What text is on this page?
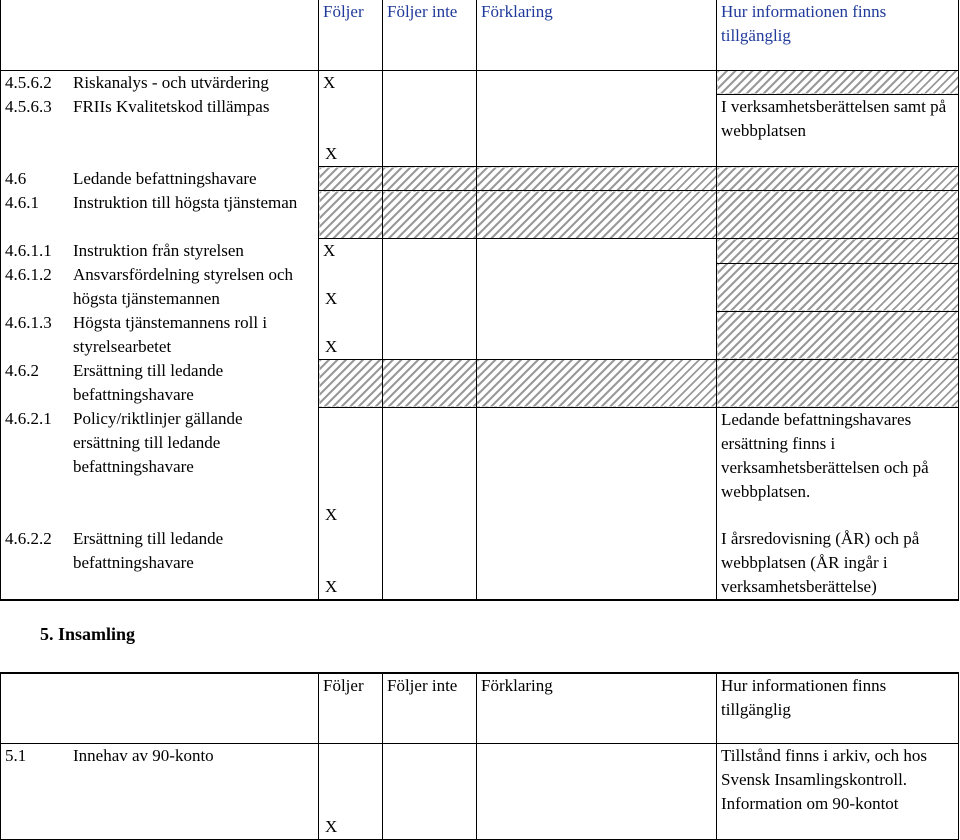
	Följer	Följer inte	Förklaring	Hur informationen finns tillgänglig
4.5.6.2 Riskanalys - och utvärdering	X			
4.5.6.3 FRIIs Kvalitetskod tillämpas	X			I verksamhetsberättelsen samt på webbplatsen
4.6 Ledande befattningshavare				
4.6.1 Instruktion till högsta tjänsteman				
4.6.1.1 Instruktion från styrelsen	X			
4.6.1.2 Ansvarsfördelning styrelsen och högsta tjänstemannen	X			
4.6.1.3 Högsta tjänstemannens roll i styrelsearbetet	X			
4.6.2 Ersättning till ledande befattningshavare				
4.6.2.1 Policy/riktlinjer gällande ersättning till ledande befattningshavare	X			Ledande befattningshavares ersättning finns i verksamhetsberättelsen och på webbplatsen.
4.6.2.2 Ersättning till ledande befattningshavare	X			I årsredovisning (ÅR) och på webbplatsen (ÅR ingår i verksamhetsberättelse)
5. Insamling
	Följer	Följer inte	Förklaring	Hur informationen finns tillgänglig
5.1 Innehav av 90-konto	X			Tillstånd finns i arkiv, och hos Svensk Insamlingskontroll. Information om 90-kontot
